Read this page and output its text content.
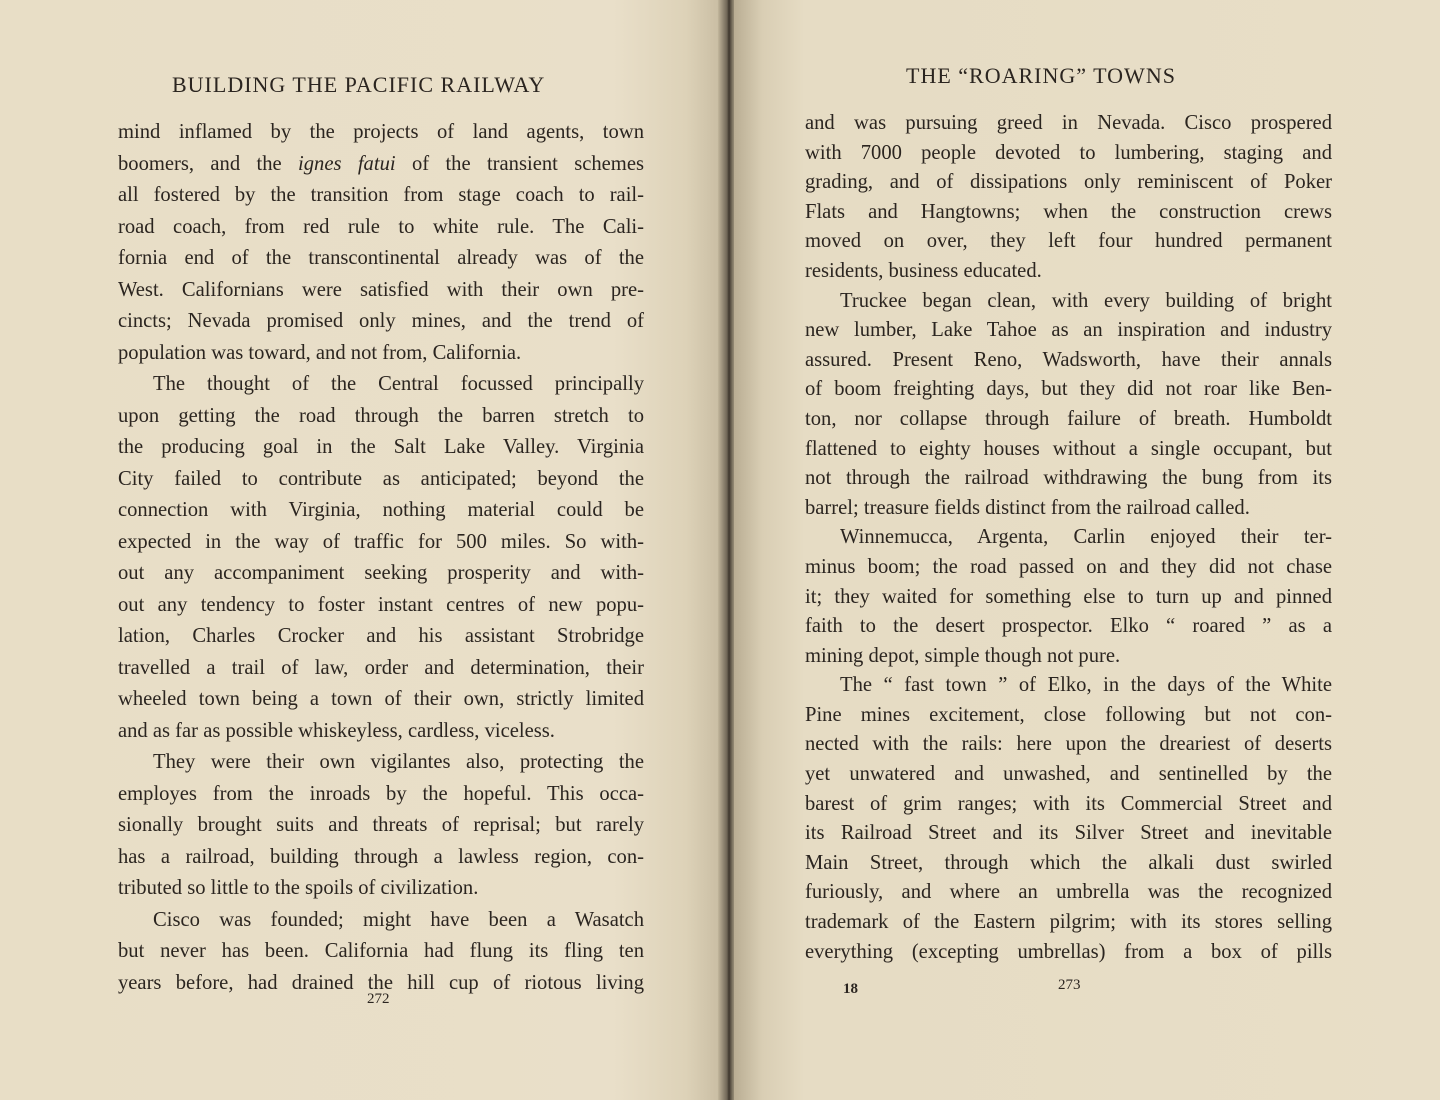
BUILDING THE PACIFIC RAILWAY
mind inflamed by the projects of land agents, town
boomers, and the ignes fatui of the transient schemes
all fostered by the transition from stage coach to rail-
road coach, from red rule to white rule. The Cali-
fornia end of the transcontinental already was of the
West. Californians were satisfied with their own pre-
cincts; Nevada promised only mines, and the trend of
population was toward, and not from, California.
The thought of the Central focussed principally
upon getting the road through the barren stretch to
the producing goal in the Salt Lake Valley. Virginia
City failed to contribute as anticipated; beyond the
connection with Virginia, nothing material could be
expected in the way of traffic for 500 miles. So with-
out any accompaniment seeking prosperity and with-
out any tendency to foster instant centres of new popu-
lation, Charles Crocker and his assistant Strobridge
travelled a trail of law, order and determination, their
wheeled town being a town of their own, strictly limited
and as far as possible whiskeyless, cardless, viceless.
They were their own vigilantes also, protecting the
employes from the inroads by the hopeful. This occa-
sionally brought suits and threats of reprisal; but rarely
has a railroad, building through a lawless region, con-
tributed so little to the spoils of civilization.
Cisco was founded; might have been a Wasatch
but never has been. California had flung its fling ten
years before, had drained the hill cup of riotous living
272
THE “ROARING” TOWNS
and was pursuing greed in Nevada. Cisco prospered
with 7000 people devoted to lumbering, staging and
grading, and of dissipations only reminiscent of Poker
Flats and Hangtowns; when the construction crews
moved on over, they left four hundred permanent
residents, business educated.
Truckee began clean, with every building of bright
new lumber, Lake Tahoe as an inspiration and industry
assured. Present Reno, Wadsworth, have their annals
of boom freighting days, but they did not roar like Ben-
ton, nor collapse through failure of breath. Humboldt
flattened to eighty houses without a single occupant, but
not through the railroad withdrawing the bung from its
barrel; treasure fields distinct from the railroad called.
Winnemucca, Argenta, Carlin enjoyed their ter-
minus boom; the road passed on and they did not chase
it; they waited for something else to turn up and pinned
faith to the desert prospector. Elko “ roared ” as a
mining depot, simple though not pure.
The “ fast town ” of Elko, in the days of the White
Pine mines excitement, close following but not con-
nected with the rails: here upon the dreariest of deserts
yet unwatered and unwashed, and sentinelled by the
barest of grim ranges; with its Commercial Street and
its Railroad Street and its Silver Street and inevitable
Main Street, through which the alkali dust swirled
furiously, and where an umbrella was the recognized
trademark of the Eastern pilgrim; with its stores selling
everything (excepting umbrellas) from a box of pills
18	273
